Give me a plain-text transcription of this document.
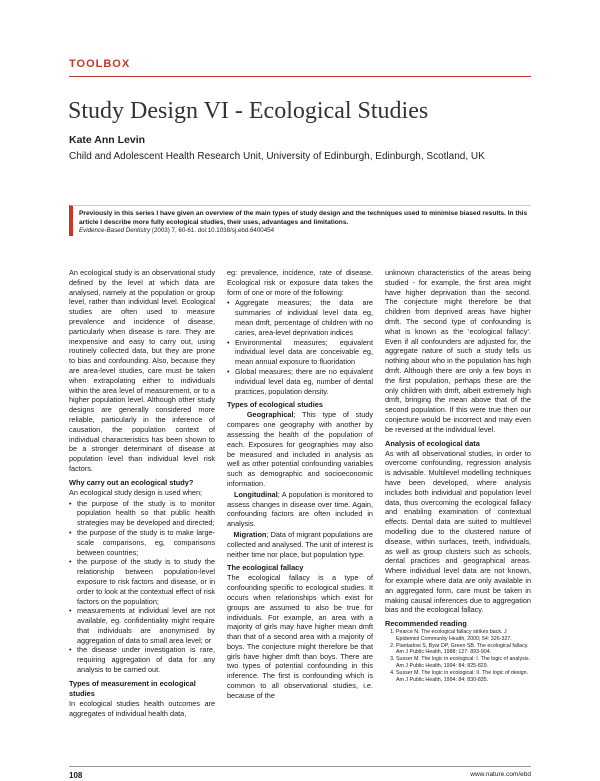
TOOLBOX
Study Design VI - Ecological Studies
Kate Ann Levin
Child and Adolescent Health Research Unit, University of Edinburgh, Edinburgh, Scotland, UK
Previously in this series I have given an overview of the main types of study design and the techniques used to minimise biased results. In this article I describe more fully ecological studies, their uses, advantages and limitations.
Evidence-Based Dentistry (2003) 7, 60-61. doi:10.1038/sj.ebd.6400454

An ecological study is an observational study defined by the level at which data are analysed, namely at the population or group level, rather than individual level. Ecological studies are often used to measure prevalence and incidence of disease, particularly when disease is rare. They are inexpensive and easy to carry out, using routinely collected data, but they are prone to bias and confounding. Also, because they are area-level studies, care must be taken when extrapolating either to individuals within the area level of measurement, or to a higher population level. Although other study designs are generally considered more reliable, particularly in the inference of causation, the population context of individual characteristics has been shown to be a stronger determinant of disease at population level than individual level risk factors.

Why carry out an ecological study?

An ecological study design is used when;

• the purpose of the study is to monitor population health so that public health strategies may be developed and directed;
• the purpose of the study is to make large-scale comparisons, eg, comparisons between countries;
• the purpose of the study is to study the relationship between population-level exposure to risk factors and disease, or in order to look at the contextual effect of risk factors on the population;
• measurements at individual level are not available, eg. confidentiality might require that individuals are anonymised by aggregation of data to small area level; or
• the disease under investigation is rare, requiring aggregation of data for any analysis to be carried out.
Types of measurement in ecological studies

In ecological studies health outcomes are aggregates of individual health data,

eg: prevalence, incidence, rate of disease. Ecological risk or exposure data takes the form of one or more of the following:

• Aggregate measures; the data are summaries of individual level data eg, mean dmft, percentage of children with no caries, area-level deprivation indices
• Environmental measures; equivalent individual level data are conceivable eg, mean annual exposure to fluoridation
• Global measures; there are no equivalent individual level data eg, number of dental practices, population density.
Types of ecological studies

Geographical; This type of study compares one geography with another by assessing the health of the population of each. Exposures for geographies may also be measured and included in analysis as well as other potential confounding variables such as demographic and socioeconomic information.

Longitudinal; A population is monitored to assess changes in disease over time. Again, confounding factors are often included in analysis.

Migration; Data of migrant populations are collected and analysed. The unit of interest is neither time nor place, but population type.

The ecological fallacy

The ecological fallacy is a type of confounding specific to ecological studies. It occurs when relationships which exist for groups are assumed to also be true for individuals. For example, an area with a majority of girls may have higher mean dmft than that of a second area with a majority of boys. The conjecture might therefore be that girls have higher dmft than boys. There are two types of potential confounding in this inference. The first is confounding which is common to all observational studies, i.e. because of the

unknown characteristics of the areas being studied - for example, the first area might have higher deprivation than the second. The conjecture might therefore be that children from deprived areas have higher dmft. The second type of confounding is what is known as the ‘ecological fallacy’. Even if all confounders are adjusted for, the aggregate nature of such a study tells us nothing about who in the population has high dmft. Although there are only a few boys in the first population, perhaps these are the only children with dmft, albeit extremely high dmft, bringing the mean above that of the second population. If this were true then our conjecture would be incorrect and may even be reversed at the individual level.

Analysis of ecological data

As with all observational studies, in order to overcome confounding, regression analysis is advisable. Multilevel modelling techniques have been developed, where analysis includes both individual and population level data, thus overcoming the ecological fallacy and enabling examination of contextual effects. Dental data are suited to multilevel modelling due to the clustered nature of disease, within surfaces, teeth, individuals, as well as group clusters such as schools, dental practices and geographical areas. Where individual level data are not known, for example where data are only available in an aggregated form, care must be taken in making causal inferences due to aggregation bias and the ecological fallacy.

Recommended reading
1. Pearce N. The ecological fallacy strikes back. J Epidemiol Community Health, 2000; 54: 326-327.
2. Piantadosi S, Byar DP, Green SB. The ecological fallacy. Am J Public Health, 1988; 127: 893-904.
3. Susser M. The logic in ecological: I. The logic of analysis. Am J Public Health, 1994: 84; 825-829.
4. Susser M. The logic in ecological: II. The logic of design. Am J Public Health, 1994: 84; 830-835.
108	www.nature.com/ebd
